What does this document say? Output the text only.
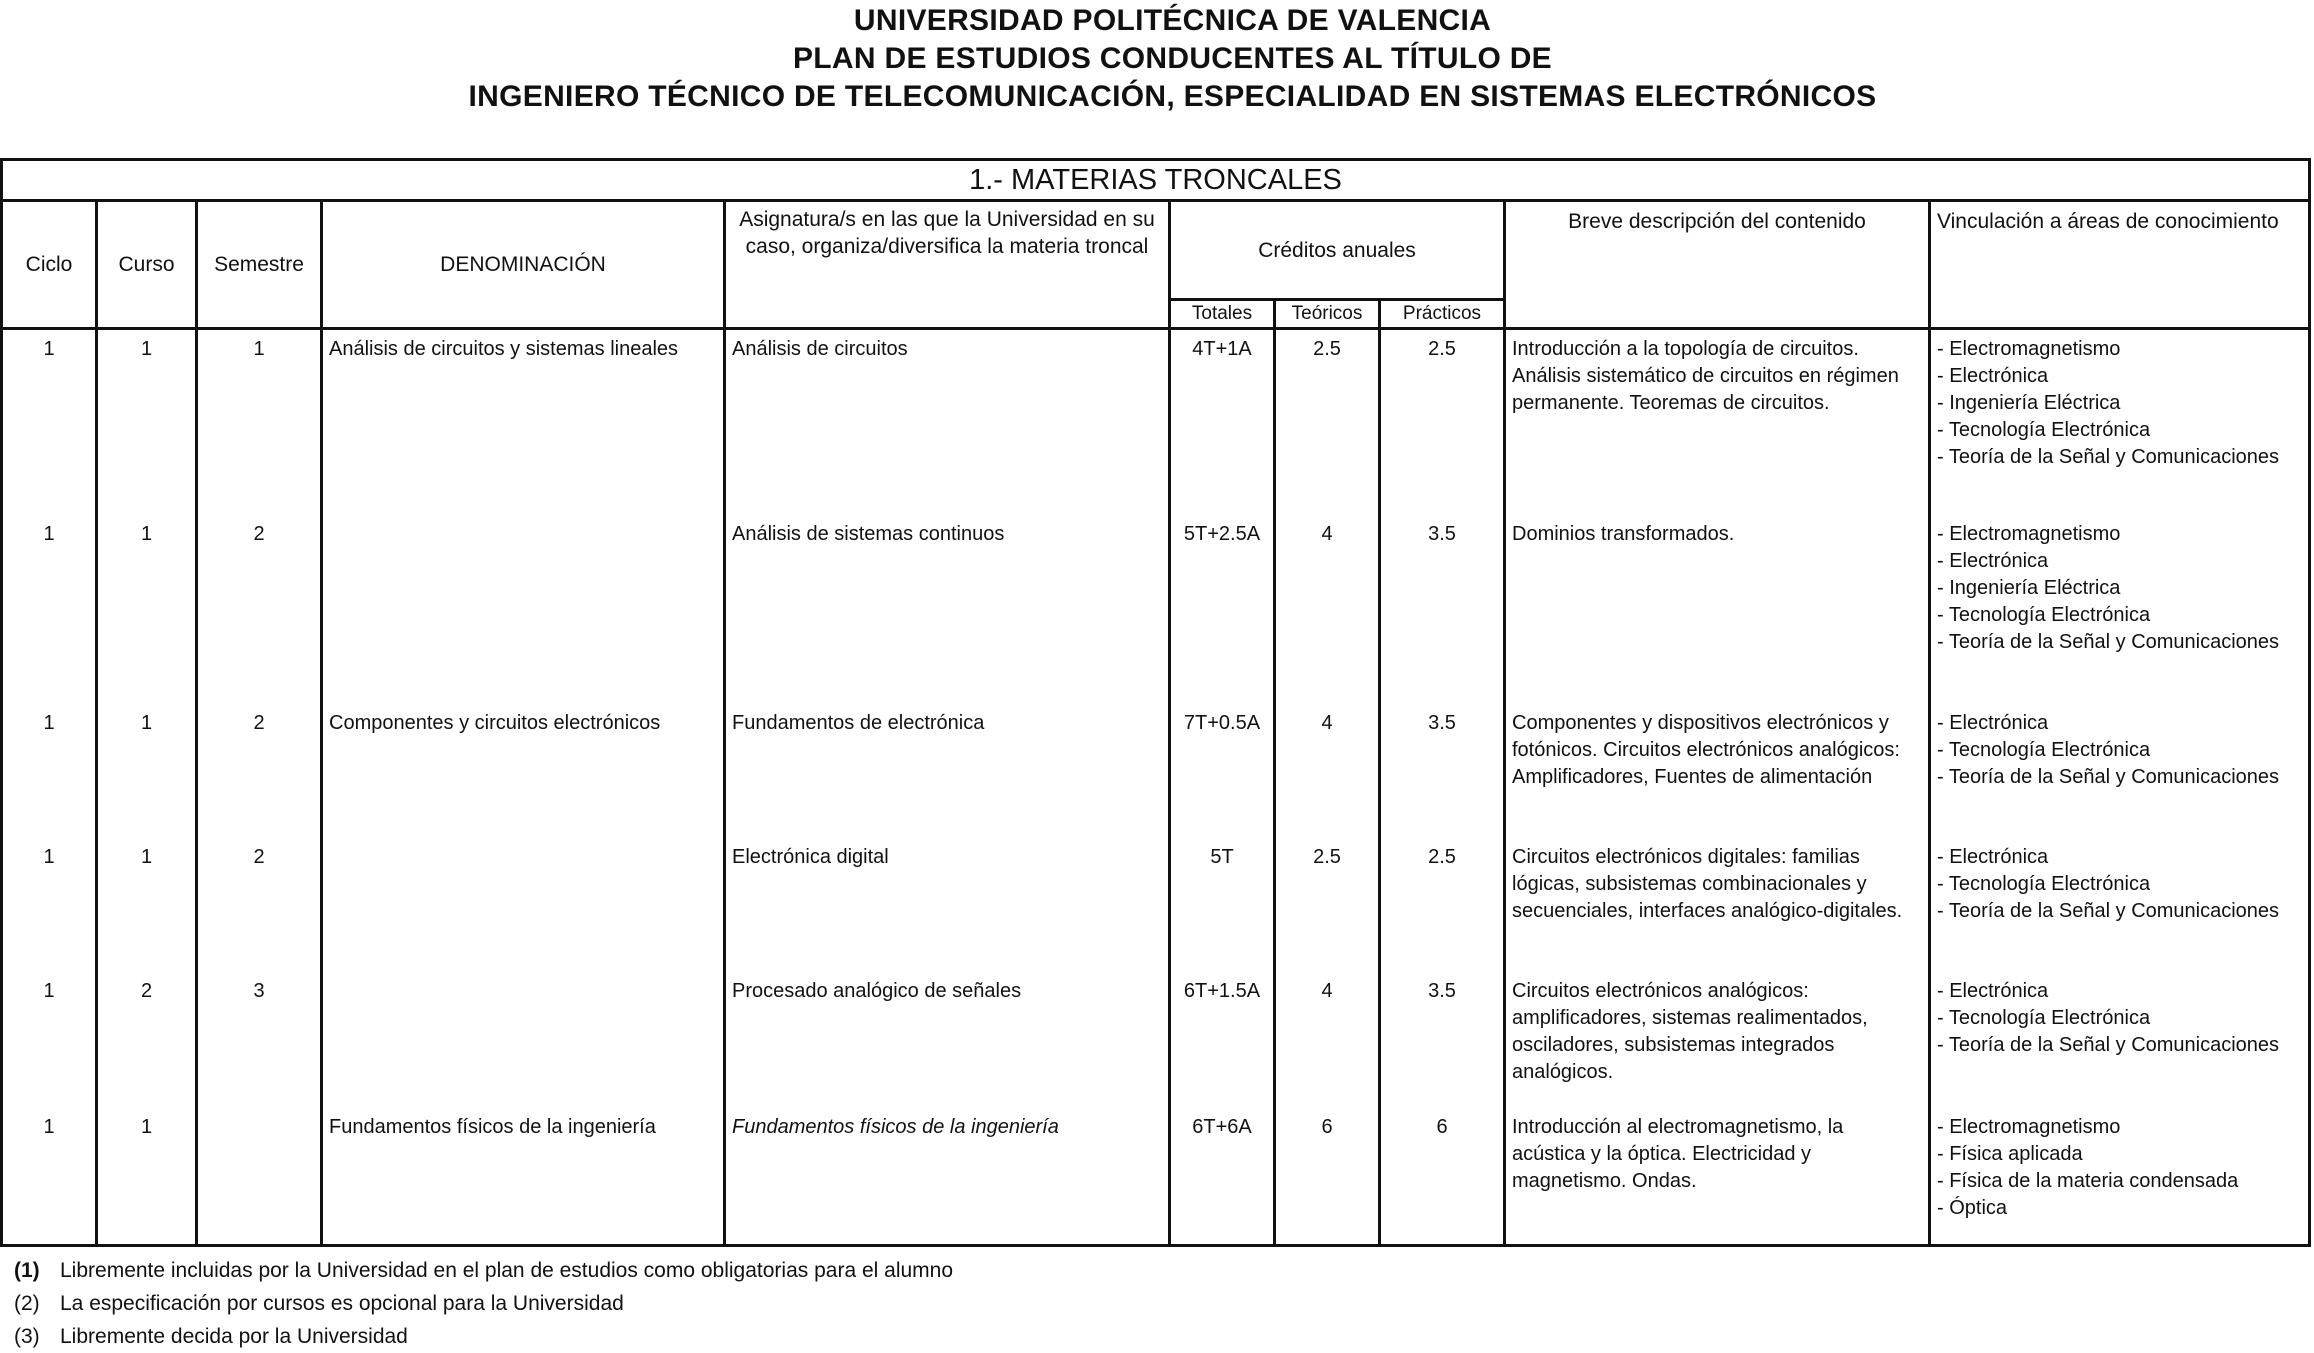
UNIVERSIDAD POLITÉCNICA DE VALENCIA
PLAN DE ESTUDIOS CONDUCENTES AL TÍTULO DE
INGENIERO TÉCNICO DE TELECOMUNICACIÓN, ESPECIALIDAD EN SISTEMAS ELECTRÓNICOS
1.- MATERIAS TRONCALES									
Ciclo	Curso	Semestre	DENOMINACIÓN	Asignatura/s en las que la Universidad en su caso, organiza/diversifica la materia troncal	Créditos anuales			Breve descripción del contenido	Vinculación a áreas de conocimiento
					Totales	Teóricos	Prácticos		
1	1	1	Análisis de circuitos y sistemas lineales	Análisis de circuitos	4T+1A	2.5	2.5	Introducción a la topología de circuitos. Análisis sistemático de circuitos en régimen permanente. Teoremas de circuitos.	- Electromagnetismo
- Electrónica
- Ingeniería Eléctrica
- Tecnología Electrónica
- Teoría de la Señal y Comunicaciones
1	1	2		Análisis de sistemas continuos	5T+2.5A	4	3.5	Dominios transformados.	- Electromagnetismo
- Electrónica
- Ingeniería Eléctrica
- Tecnología Electrónica
- Teoría de la Señal y Comunicaciones
1	1	2	Componentes y circuitos electrónicos	Fundamentos de electrónica	7T+0.5A	4	3.5	Componentes y dispositivos electrónicos y fotónicos. Circuitos electrónicos analógicos:
Amplificadores, Fuentes de alimentación	- Electrónica
- Tecnología Electrónica
- Teoría de la Señal y Comunicaciones
1	1	2		Electrónica digital	5T	2.5	2.5	Circuitos electrónicos digitales: familias lógicas, subsistemas combinacionales y secuenciales, interfaces analógico-digitales.	- Electrónica
- Tecnología Electrónica
- Teoría de la Señal y Comunicaciones
1	2	3		Procesado analógico de señales	6T+1.5A	4	3.5	Circuitos electrónicos analógicos: amplificadores, sistemas realimentados, osciladores, subsistemas integrados analógicos.	- Electrónica
- Tecnología Electrónica
- Teoría de la Señal y Comunicaciones
1	1		Fundamentos físicos de la ingeniería	Fundamentos físicos de la ingeniería	6T+6A	6	6	Introducción al electromagnetismo, la acústica y la óptica. Electricidad y magnetismo. Ondas.	- Electromagnetismo
- Física aplicada
- Física de la materia condensada
- Óptica
(1) Libremente incluidas por la Universidad en el plan de estudios como obligatorias para el alumno
(2) La especificación por cursos es opcional para la Universidad
(3) Libremente decida por la Universidad
